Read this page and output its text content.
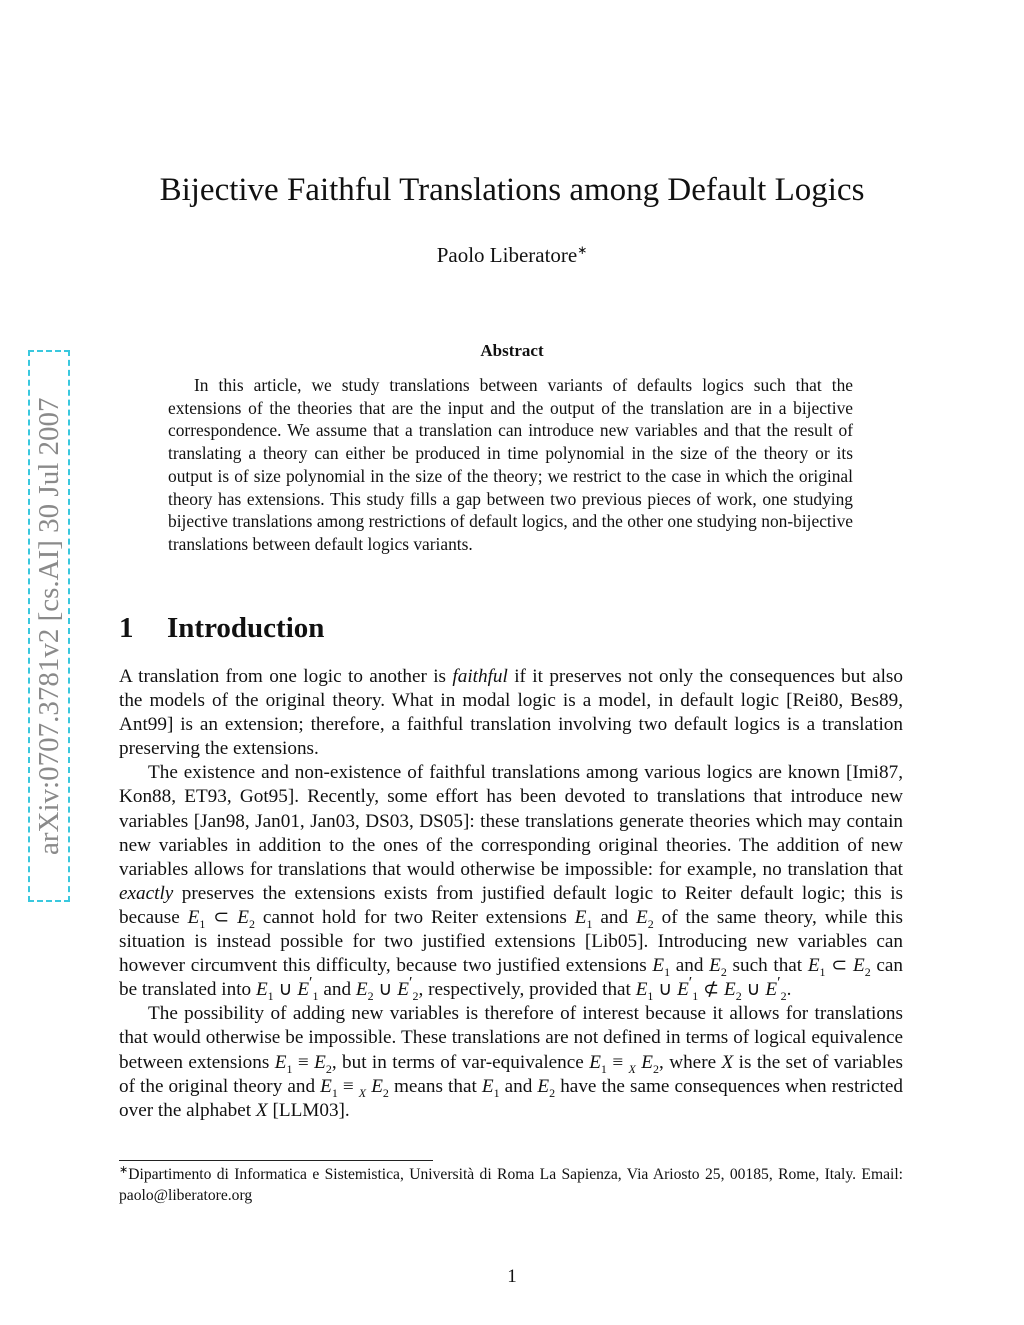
arXiv:0707.3781v2 [cs.AI] 30 Jul 2007
Bijective Faithful Translations among Default Logics
Paolo Liberatore∗
Abstract

In this article, we study translations between variants of defaults logics such that the extensions of the theories that are the input and the output of the translation are in a bijective correspondence. We assume that a translation can introduce new variables and that the result of translating a theory can either be produced in time polynomial in the size of the theory or its output is of size polynomial in the size of the theory; we restrict to the case in which the original theory has extensions. This study fills a gap between two previous pieces of work, one studying bijective translations among restrictions of default logics, and the other one studying non-bijective translations between default logics variants.

1 Introduction

A translation from one logic to another is faithful if it preserves not only the consequences but also the models of the original theory. What in modal logic is a model, in default logic [Rei80, Bes89, Ant99] is an extension; therefore, a faithful translation involving two default logics is a translation preserving the extensions.

The existence and non-existence of faithful translations among various logics are known [Imi87, Kon88, ET93, Got95]. Recently, some effort has been devoted to translations that introduce new variables [Jan98, Jan01, Jan03, DS03, DS05]: these translations generate theories which may contain new variables in addition to the ones of the corresponding original theories. The addition of new variables allows for translations that would otherwise be impossible: for example, no translation that exactly preserves the extensions exists from justified default logic to Reiter default logic; this is because $E_1$ ⊂ $E_2$ cannot hold for two Reiter extensions $E_1$ and $E_2$ of the same theory, while this situation is instead possible for two justified extensions [Lib05]. Introducing new variables can however circumvent this difficulty, because two justified extensions $E_1$ and $E_2$ such that $E_1$ ⊂ $E_2$ can be translated into $E_1$ ∪ $E'_1$ and $E_2$ ∪ $E'_2$, respectively, provided that $E_1$ ∪ $E'_1$ ⊄ $E_2$ ∪ $E'_2$.

The possibility of adding new variables is therefore of interest because it allows for translations that would otherwise be impossible. These translations are not defined in terms of logical equivalence between extensions $E_1 \equiv E_2$, but in terms of var-equivalence $E_1 \equiv _X$ $E_2$, where X is the set of variables of the original theory and $E_1 \equiv _X$ $E_2$ means that $E_1$ and $E_2$ have the same consequences when restricted over the alphabet X [LLM03].

∗Dipartimento di Informatica e Sistemistica, Università di Roma La Sapienza, Via Ariosto 25, 00185, Rome, Italy. Email: paolo@liberatore.org

1
